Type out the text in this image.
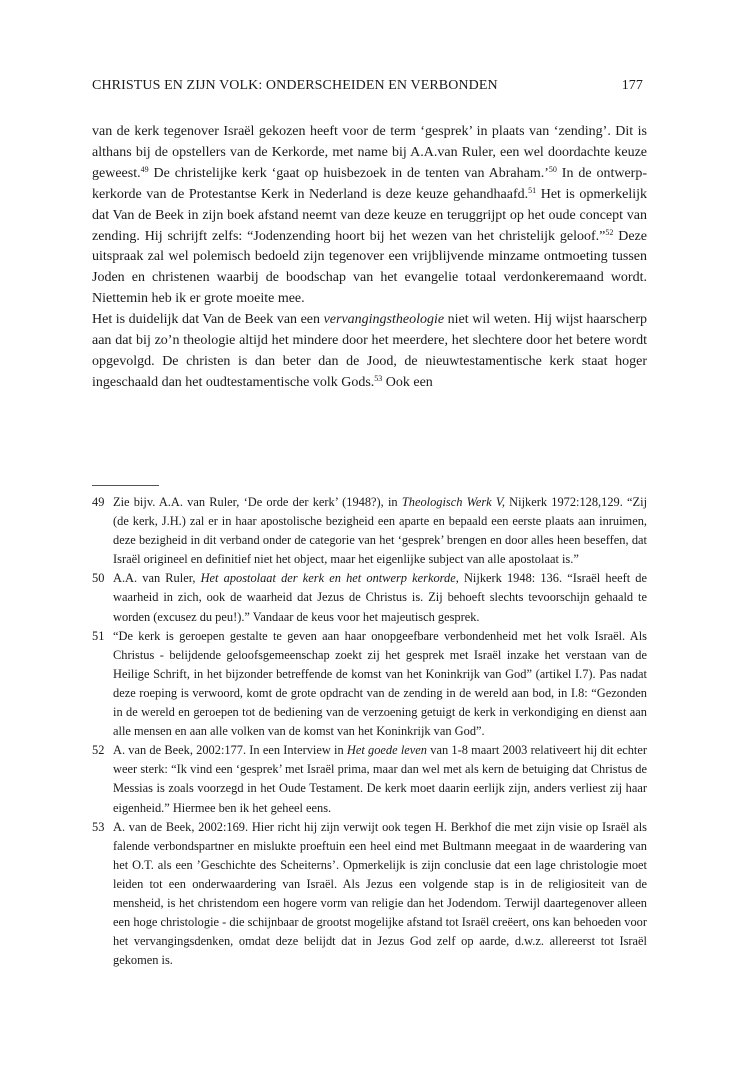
CHRISTUS EN ZIJN VOLK: ONDERSCHEIDEN EN VERBONDEN	177

van de kerk tegenover Israël gekozen heeft voor de term ‘gesprek’ in plaats van ‘zending’. Dit is althans bij de opstellers van de Kerkorde, met name bij A.A.van Ruler, een wel doordachte keuze geweest.$^{49}$ De christelijke kerk ‘gaat op huisbezoek in de tenten van Abraham.’$^{50}$ In de ontwerp-kerkorde van de Protestantse Kerk in Nederland is deze keuze gehandhaafd.$^{51}$ Het is opmerkelijk dat Van de Beek in zijn boek afstand neemt van deze keuze en teruggrijpt op het oude concept van zending. Hij schrijft zelfs: “Jodenzending hoort bij het wezen van het christelijk geloof.”$^{52}$ Deze uitspraak zal wel polemisch bedoeld zijn tegenover een vrijblijvende minzame ontmoeting tussen Joden en christenen waarbij de boodschap van het evangelie totaal verdonkeremaand wordt. Niettemin heb ik er grote moeite mee.

Het is duidelijk dat Van de Beek van een vervangingstheologie niet wil weten. Hij wijst haarscherp aan dat bij zo’n theologie altijd het mindere door het meerdere, het slechtere door het betere wordt opgevolgd. De christen is dan beter dan de Jood, de nieuwtestamentische kerk staat hoger ingeschaald dan het oudtestamentische volk Gods.$^{53}$ Ook een

49 Zie bijv. A.A. van Ruler, ‘De orde der kerk’ (1948?), in Theologisch Werk V, Nijkerk 1972:128,129. “Zij (de kerk, J.H.) zal er in haar apostolische bezigheid een aparte en bepaald een eerste plaats aan inruimen, deze bezigheid in dit verband onder de categorie van het ‘gesprek’ brengen en door alles heen beseffen, dat Israël origineel en definitief niet het object, maar het eigenlijke subject van alle apostolaat is.”

50 A.A. van Ruler, Het apostolaat der kerk en het ontwerp kerkorde, Nijkerk 1948: 136. “Israël heeft de waarheid in zich, ook de waarheid dat Jezus de Christus is. Zij behoeft slechts tevoorschijn gehaald te worden (excusez du peu!).” Vandaar de keus voor het majeutisch gesprek.

51 “De kerk is geroepen gestalte te geven aan haar onopgeefbare verbondenheid met het volk Israël. Als Christus - belijdende geloofsgemeenschap zoekt zij het gesprek met Israël inzake het verstaan van de Heilige Schrift, in het bijzonder betreffende de komst van het Koninkrijk van God” (artikel I.7). Pas nadat deze roeping is verwoord, komt de grote opdracht van de zending in de wereld aan bod, in I.8: “Gezonden in de wereld en geroepen tot de bediening van de verzoening getuigt de kerk in verkondiging en dienst aan alle mensen en aan alle volken van de komst van het Koninkrijk van God”.

52 A. van de Beek, 2002:177. In een Interview in Het goede leven van 1-8 maart 2003 relativeert hij dit echter weer sterk: “Ik vind een ‘gesprek’ met Israël prima, maar dan wel met als kern de betuiging dat Christus de Messias is zoals voorzegd in het Oude Testament. De kerk moet daarin eerlijk zijn, anders verliest zij haar eigenheid.” Hiermee ben ik het geheel eens.

53 A. van de Beek, 2002:169. Hier richt hij zijn verwijt ook tegen H. Berkhof die met zijn visie op Israël als falende verbondspartner en mislukte proeftuin een heel eind met Bultmann meegaat in de waardering van het O.T. als een ’Geschichte des Scheiterns’. Opmerkelijk is zijn conclusie dat een lage christologie moet leiden tot een onderwaardering van Israël. Als Jezus een volgende stap is in de religiositeit van de mensheid, is het christendom een hogere vorm van religie dan het Jodendom. Terwijl daartegenover alleen een hoge christologie - die schijnbaar de grootst mogelijke afstand tot Israël creëert, ons kan behoeden voor het vervangingsdenken, omdat deze belijdt dat in Jezus God zelf op aarde, d.w.z. allereerst tot Israël gekomen is.
